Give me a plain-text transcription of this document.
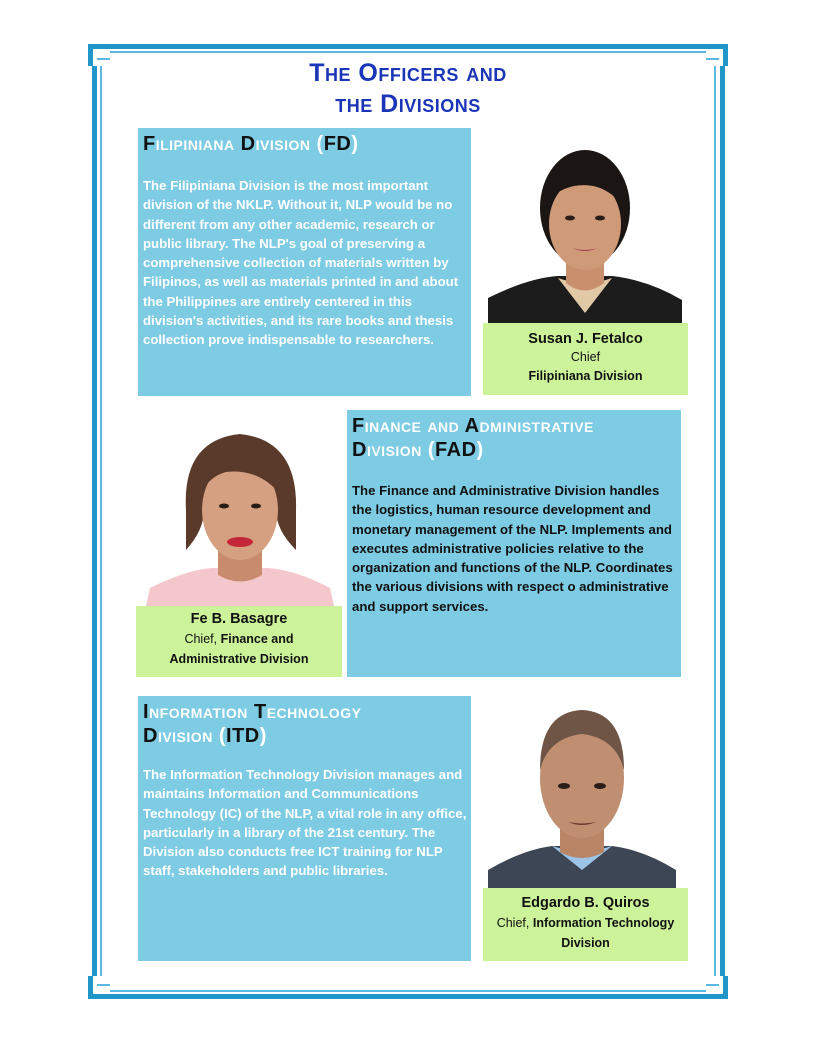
The Officers and
the Divisions
Filipiniana Division (FD)
The Filipiniana Division is the most important division of the NKLP. Without it, NLP would be no different from any other academic, research or public library. The NLP's goal of preserving a comprehensive collection of materials written by Filipinos, as well as materials printed in and about the Philippines are entirely centered in this division's activities, and its rare books and thesis collection prove indispensable to researchers.	Susan J. Fetalco
Chief
Filipiniana Division
Fe B. Basagre
Chief, Finance and
Administrative Division
Finance and Administrative
Division (FAD)
The Finance and Administrative Division handles the logistics, human resource development and monetary management of the NLP. Implements and executes administrative policies relative to the organization and functions of the NLP. Coordinates the various divisions with respect o administrative and support services.
Information Technology
Division (ITD)
The Information Technology Division manages and maintains Information and Communications Technology (IC) of the NLP, a vital role in any office, particularly in a library of the 21st century. The Division also conducts free ICT training for NLP staff, stakeholders and public libraries.
Edgardo B. Quiros
Chief, Information Technology
Division
